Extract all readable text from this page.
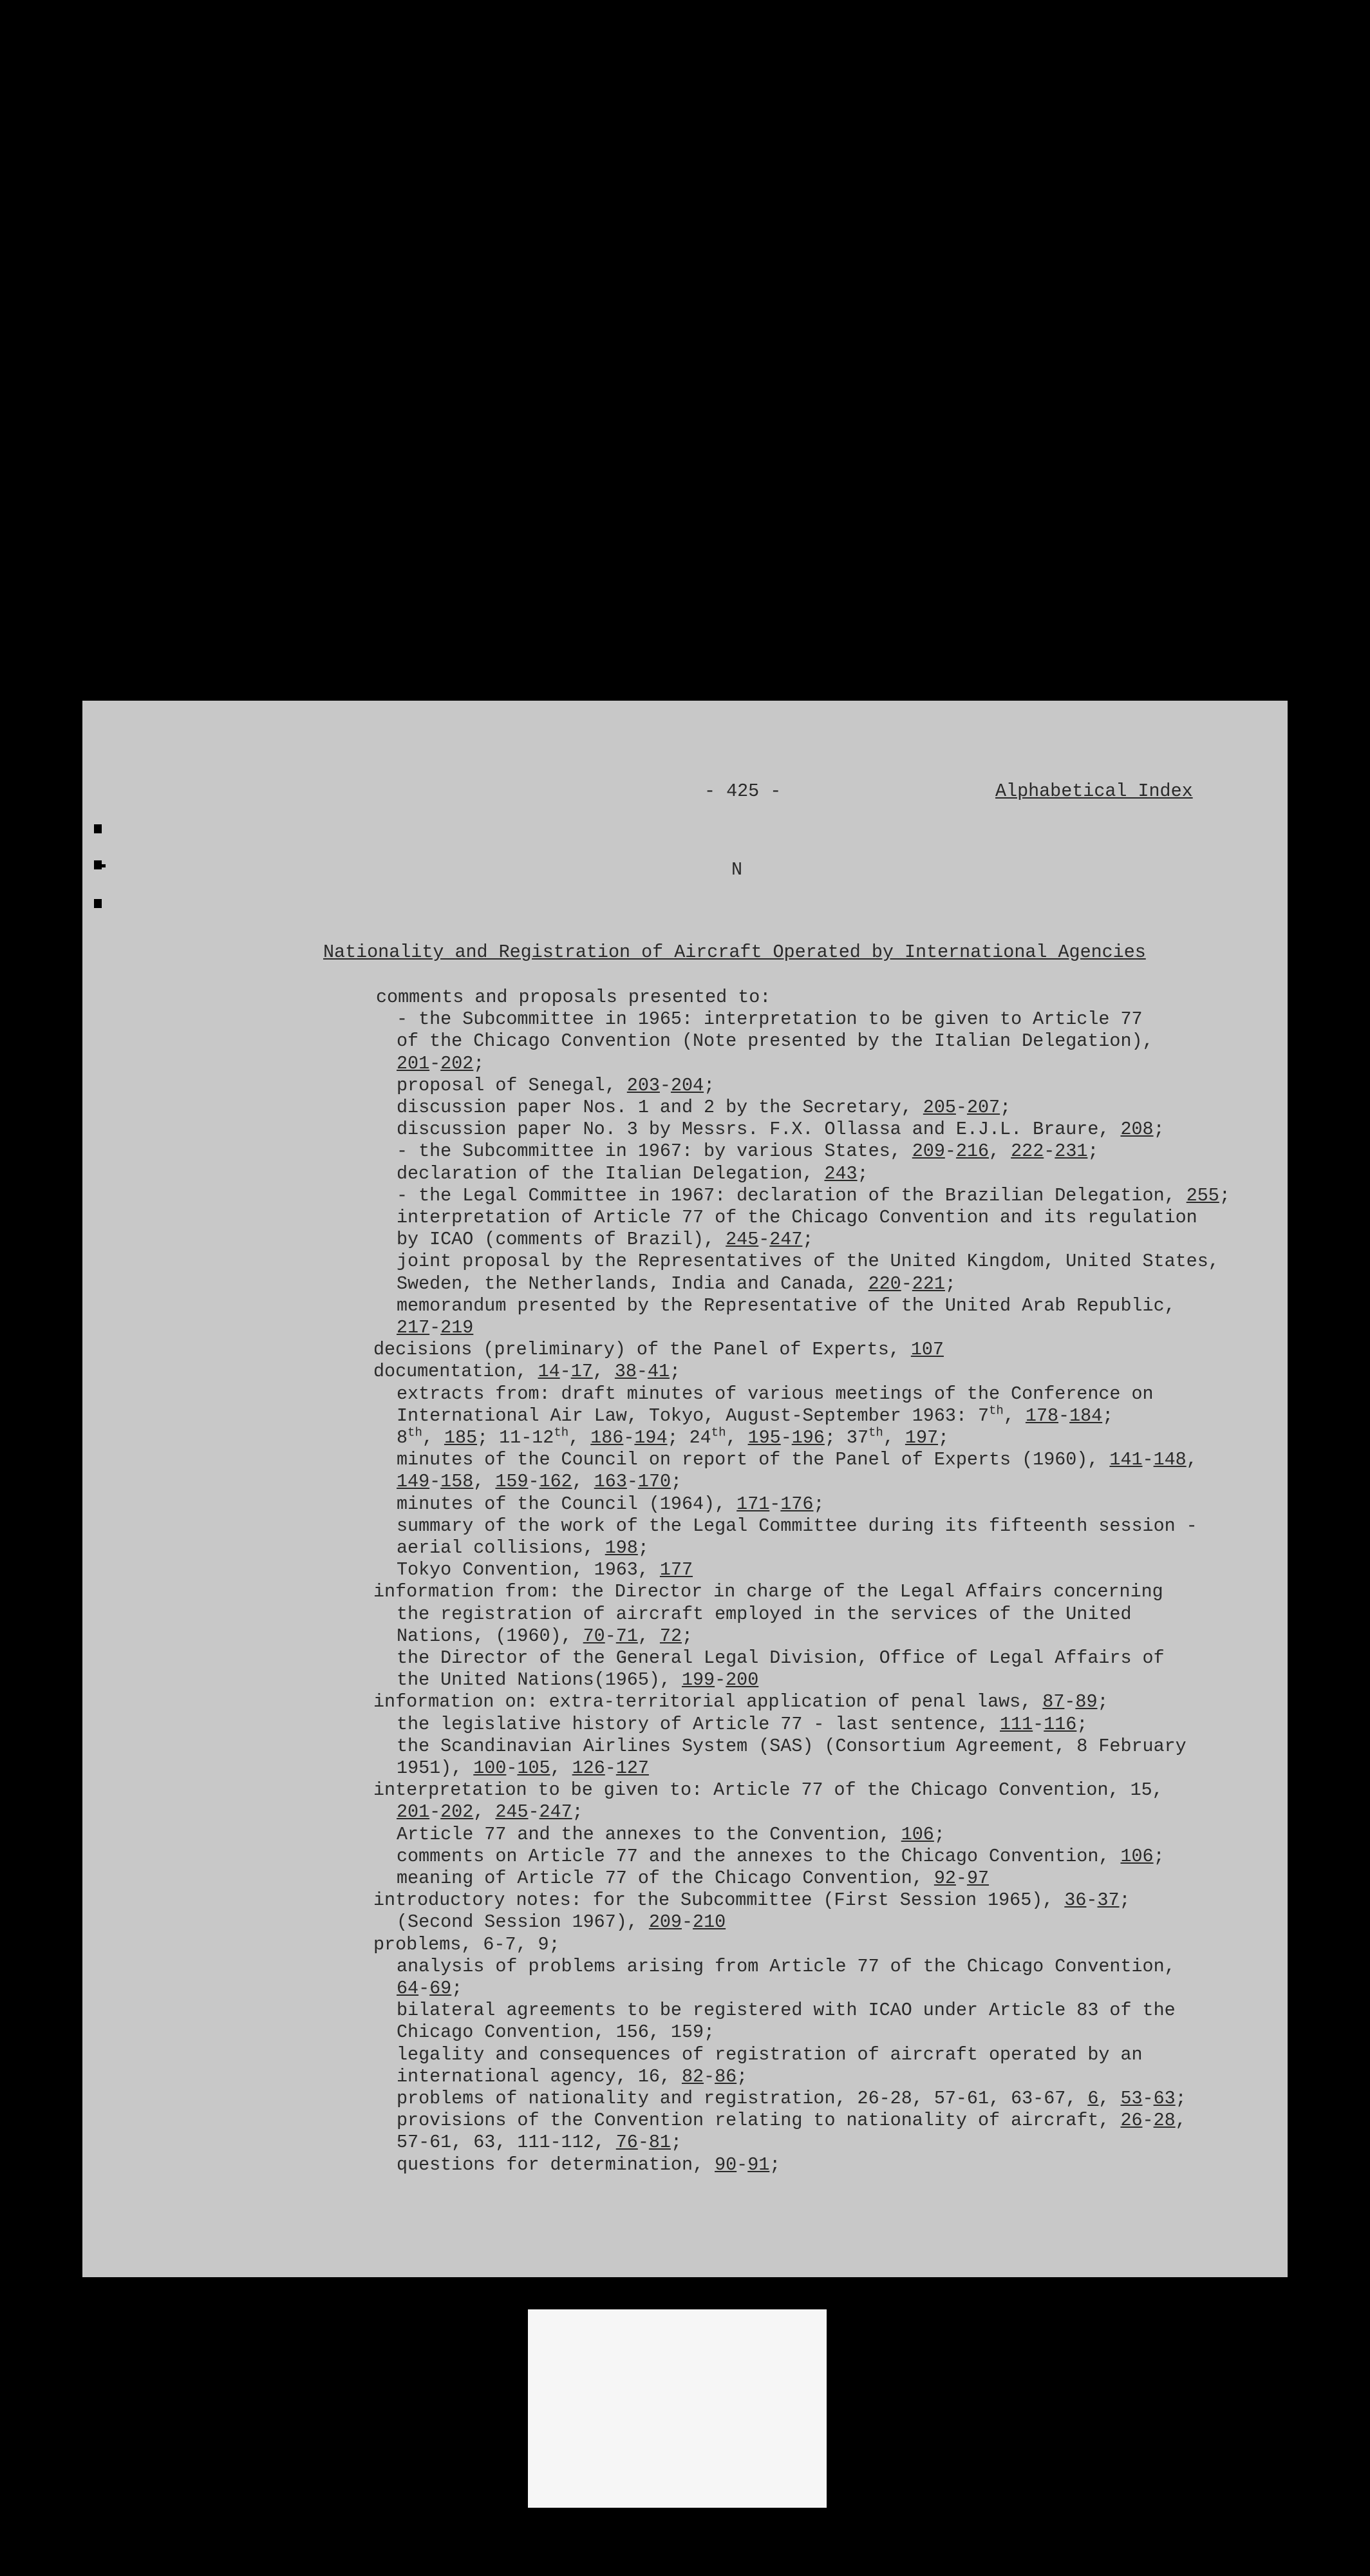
- 425 -	Alphabetical Index
N
Nationality and Registration of Aircraft Operated by International Agencies
comments and proposals presented to:
- the Subcommittee in 1965: interpretation to be given to Article 77
of the Chicago Convention (Note presented by the Italian Delegation),
201-202;
proposal of Senegal, 203-204;
discussion paper Nos. 1 and 2 by the Secretary, 205-207;
discussion paper No. 3 by Messrs. F.X. Ollassa and E.J.L. Braure, 208;
- the Subcommittee in 1967: by various States, 209-216, 222-231;
declaration of the Italian Delegation, 243;
- the Legal Committee in 1967: declaration of the Brazilian Delegation, 255;
interpretation of Article 77 of the Chicago Convention and its regulation
by ICAO (comments of Brazil), 245-247;
joint proposal by the Representatives of the United Kingdom, United States,
Sweden, the Netherlands, India and Canada, 220-221;
memorandum presented by the Representative of the United Arab Republic,
217-219
decisions (preliminary) of the Panel of Experts, 107
documentation, 14-17, 38-41;
extracts from: draft minutes of various meetings of the Conference on
International Air Law, Tokyo, August-September 1963: 7th, 178-184;
8th, 185; 11-12th, 186-194; 24th, 195-196; 37th, 197;
minutes of the Council on report of the Panel of Experts (1960), 141-148,
149-158, 159-162, 163-170;
minutes of the Council (1964), 171-176;
summary of the work of the Legal Committee during its fifteenth session -
aerial collisions, 198;
Tokyo Convention, 1963, 177
information from: the Director in charge of the Legal Affairs concerning
the registration of aircraft employed in the services of the United
Nations, (1960), 70-71, 72;
the Director of the General Legal Division, Office of Legal Affairs of
the United Nations(1965), 199-200
information on: extra-territorial application of penal laws, 87-89;
the legislative history of Article 77 - last sentence, 111-116;
the Scandinavian Airlines System (SAS) (Consortium Agreement, 8 February
1951), 100-105, 126-127
interpretation to be given to: Article 77 of the Chicago Convention, 15,
201-202, 245-247;
Article 77 and the annexes to the Convention, 106;
comments on Article 77 and the annexes to the Chicago Convention, 106;
meaning of Article 77 of the Chicago Convention, 92-97
introductory notes: for the Subcommittee (First Session 1965), 36-37;
(Second Session 1967), 209-210
problems, 6-7, 9;
analysis of problems arising from Article 77 of the Chicago Convention,
64-69;
bilateral agreements to be registered with ICAO under Article 83 of the
Chicago Convention, 156, 159;
legality and consequences of registration of aircraft operated by an
international agency, 16, 82-86;
problems of nationality and registration, 26-28, 57-61, 63-67, 6, 53-63;
provisions of the Convention relating to nationality of aircraft, 26-28,
57-61, 63, 111-112, 76-81;
questions for determination, 90-91;
